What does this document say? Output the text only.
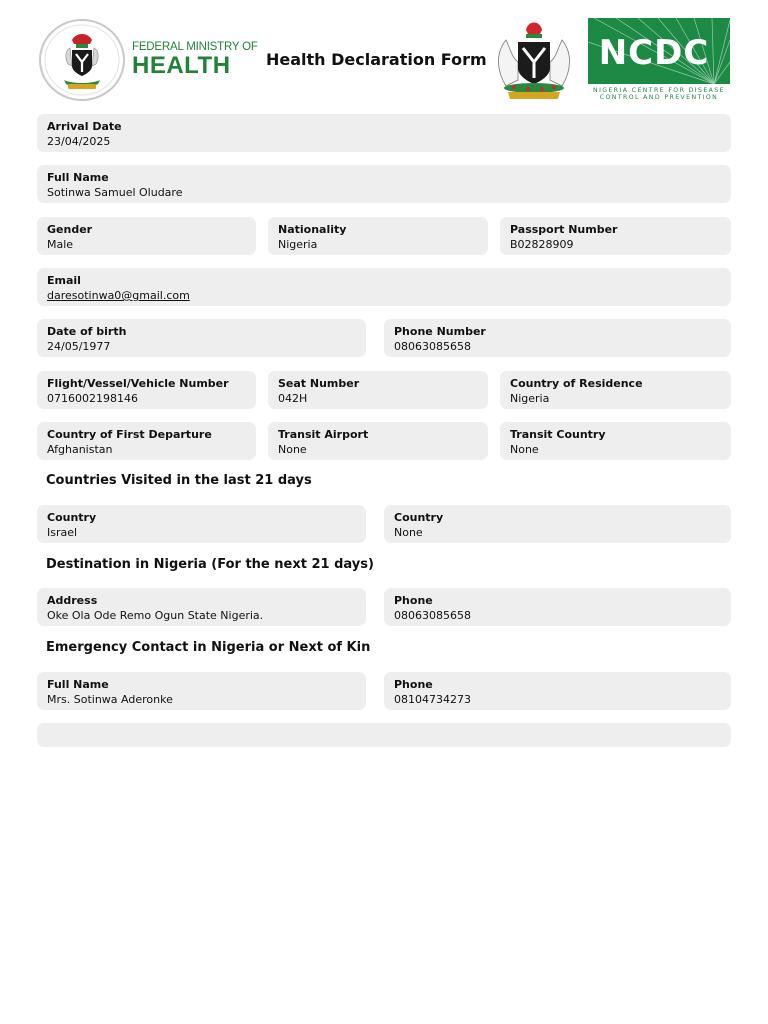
FEDERAL MINISTRY OF
HEALTH Health Declaration Form	NCDC
NIGERIA CENTRE FOR DISEASE
CONTROL AND PREVENTION
Arrival Date
23/04/2025
Full Name
Sotinwa Samuel Oludare
Gender
Male
Nationality
Nigeria
Passport Number
B02828909
Email
daresotinwa0@gmail.com
Date of birth
24/05/1977
Phone Number
08063085658
Flight/Vessel/Vehicle Number
0716002198146
Seat Number
042H
Country of Residence
Nigeria
Country of First Departure
Afghanistan
Transit Airport
None
Transit Country
None
Countries Visited in the last 21 days
Country
Israel
Country
None
Destination in Nigeria (For the next 21 days)
Address
Oke Ola Ode Remo Ogun State Nigeria.
Phone
08063085658
Emergency Contact in Nigeria or Next of Kin
Full Name
Mrs. Sotinwa Aderonke
Phone
08104734273
